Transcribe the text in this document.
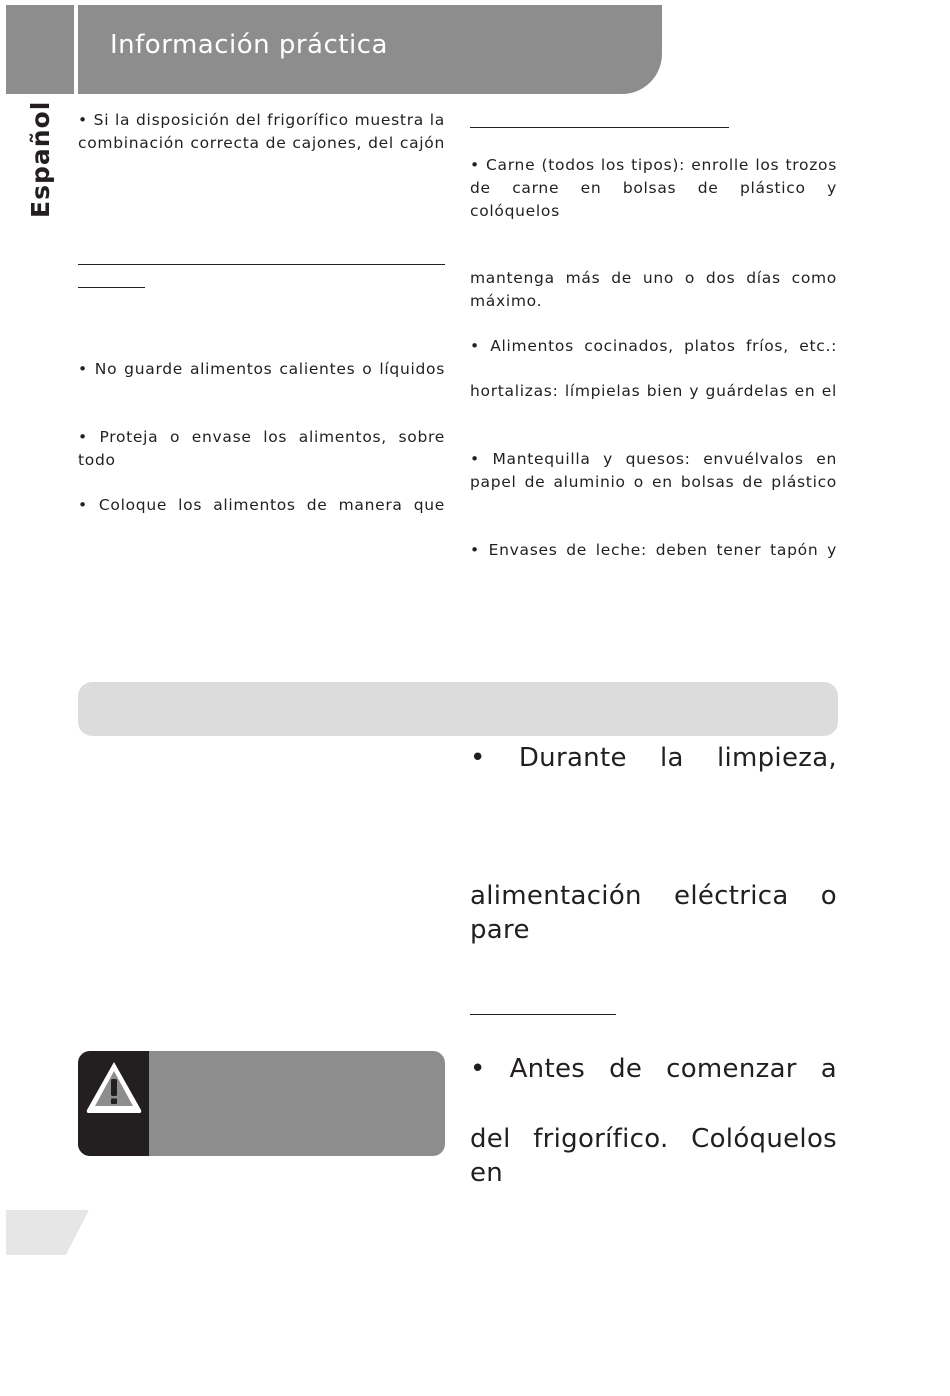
Información práctica
Español • Si la disposición del frigorífico muestra la
combinación correcta de cajones, del cajón
• No guarde alimentos calientes o líquidos
• Proteja o envase los alimentos, sobre todo
• Coloque los alimentos de manera que
• Carne (todos los tipos): enrolle los trozos
de carne en bolsas de plástico y colóquelos
mantenga más de uno o dos días como
máximo.
• Alimentos cocinados, platos fríos, etc.:
hortalizas: límpielas bien y guárdelas en el
• Mantequilla y quesos: envuélvalos en
papel de aluminio o en bolsas de plástico
• Envases de leche: deben tener tapón y
• Durante la limpieza,
alimentación eléctrica o pare
• Antes de comenzar a
del frigorífico. Colóquelos en
